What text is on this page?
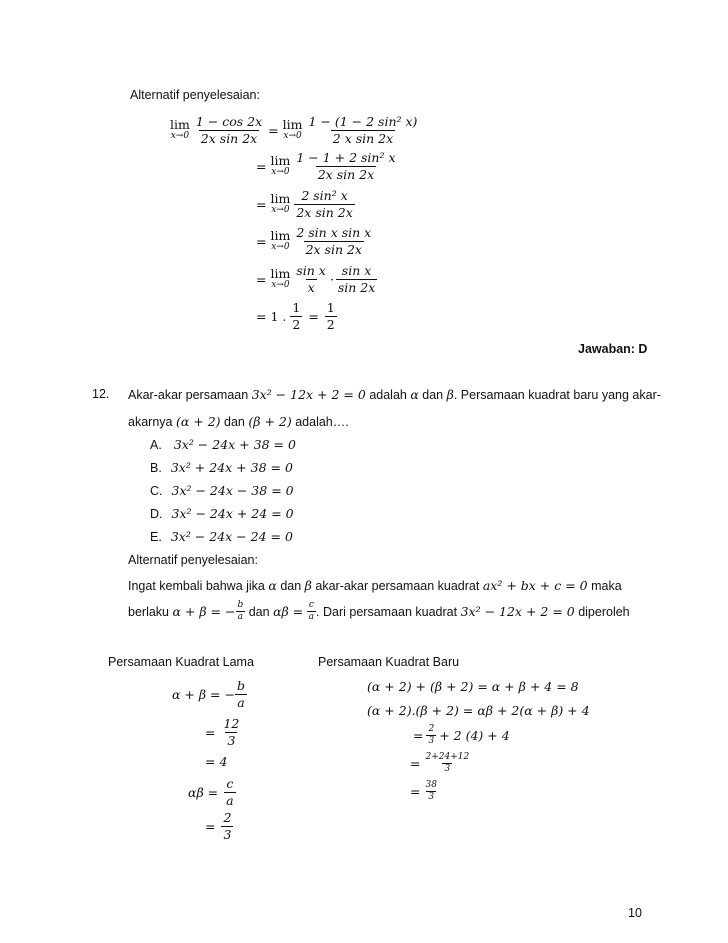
Alternatif penyelesaian:
lim
$x\to 0 \frac{1 - \cos 2x}{\text{2x sin 2x}} = \lim$
$x\to 0 \frac{\text{1 − (1 − 2 sin² x)}}{\text{2 x sin 2x}}$
= lim
$x\to 0 \frac{\text{1 − 1 + 2 sin² x}}{\text{2x sin 2x}}$
= lim
$x\to 0 \frac{\text{2 sin² x}}{\text{2x sin 2x}}$
= lim
$x\to 0 \frac{\text{2 sin x sin x}}{\text{2x sin 2x}}$
= lim
$x\to 0 \frac{\text{sin x}}{x} \cdot \frac{\text{sin x}}{\sin 2x}$
= 1 . $\frac{1}{2} = \frac{1}{2}$
Jawaban: D
12. Akar-akar persamaan 3x² − 12x + 2 = 0 adalah α dan β. Persamaan kuadrat baru yang akar-
akarnya (α + 2) dan (β + 2) adalah….
A. 3x² − 24x + 38 = 0
B. 3x² + 24x + 38 = 0
C. 3x² − 24x − 38 = 0
D. 3x² − 24x + 24 = 0
E. 3x² − 24x − 24 = 0
Alternatif penyelesaian:
Ingat kembali bahwa jika α dan β akar-akar persamaan kuadrat ax² + bx + c = 0 maka
berlaku
α + β = − $\frac{b}{a}$
dan
αβ =
$\frac{c}{a}$ . Dari persamaan kuadrat
3x² − 12x + 2 = 0
diperoleh
Persamaan Kuadrat Lama	Persamaan Kuadrat Baru
α + β = − $\frac{b}{a}$
= $\frac{12}{3}$
= 4
$\alpha\beta = \frac{c}{a}$
= $\frac{2}{3}$
(α + 2) + (β + 2) = α + β + 4 = 8
(α + 2).(β + 2) = αβ + 2(α + β) + 4
= $\frac{2}{3} + 2$ (4) + 4
= $\frac{2+24+12}{3}$
= $\frac{38}{3}$
10
